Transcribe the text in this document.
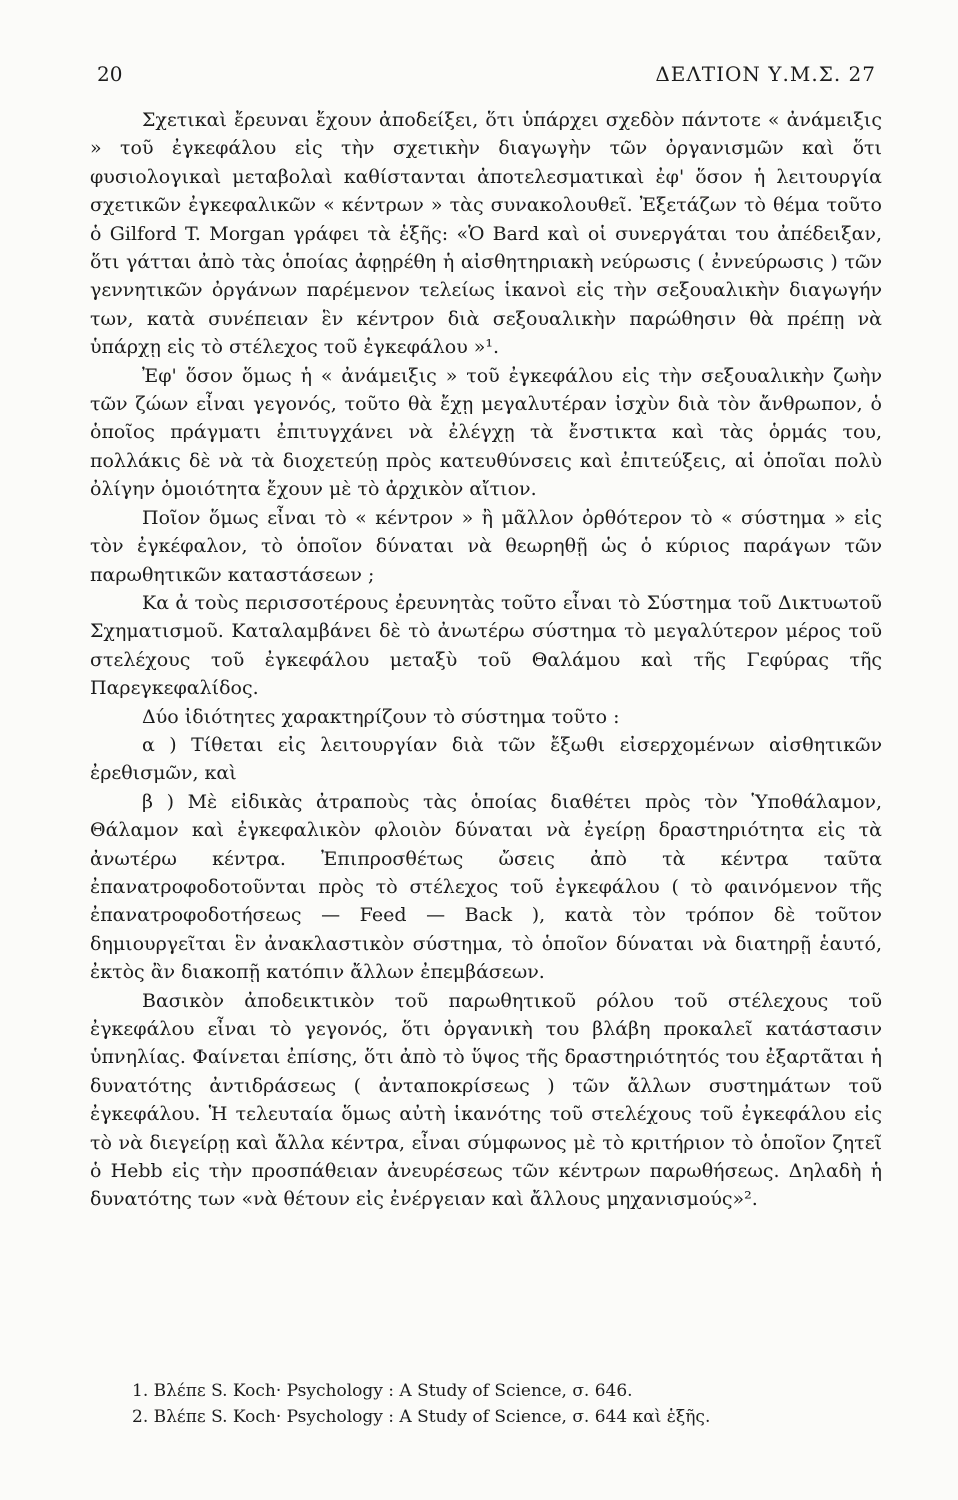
20	ΔΕΛΤΙΟΝ Υ.Μ.Σ. 27

Σχετικαὶ ἔρευναι ἔχουν ἀποδείξει, ὅτι ὑπάρχει σχεδὸν πάντοτε « ἀνάμειξις » τοῦ ἐγκεφάλου εἰς τὴν σχετικὴν διαγωγὴν τῶν ὀργανισμῶν καὶ ὅτι φυσιολογικαὶ μεταβολαὶ καθίστανται ἀποτελεσματικαὶ ἐφ' ὅσον ἡ λειτουργία σχετικῶν ἐγκεφαλικῶν « κέντρων » τὰς συνακολουθεῖ. Ἐξετάζων τὸ θέμα τοῦτο ὁ Gilford T. Morgan γράφει τὰ ἑξῆς: «Ὁ Bard καὶ οἱ συνεργάται του ἀπέδειξαν, ὅτι γάτται ἀπὸ τὰς ὁποίας ἀφῃρέθη ἡ αἰσθητηριακὴ νεύρωσις ( ἐννεύρωσις ) τῶν γεννητικῶν ὀργάνων παρέμενον τελείως ἱκανοὶ εἰς τὴν σεξουαλικὴν διαγωγήν των, κατὰ συνέπειαν ἓν κέντρον διὰ σεξουαλικὴν παρώθησιν θὰ πρέπῃ νὰ ὑπάρχῃ εἰς τὸ στέλεχος τοῦ ἐγκεφάλου »¹.

Ἐφ' ὅσον ὅμως ἡ « ἀνάμειξις » τοῦ ἐγκεφάλου εἰς τὴν σεξουαλικὴν ζωὴν τῶν ζώων εἶναι γεγονός, τοῦτο θὰ ἔχῃ μεγαλυτέραν ἰσχὺν διὰ τὸν ἄνθρωπον, ὁ ὁποῖος πράγματι ἐπιτυγχάνει νὰ ἐλέγχῃ τὰ ἔνστικτα καὶ τὰς ὁρμάς του, πολλάκις δὲ νὰ τὰ διοχετεύῃ πρὸς κατευθύνσεις καὶ ἐπιτεύξεις, αἱ ὁποῖαι πολὺ ὀλίγην ὁμοιότητα ἔχουν μὲ τὸ ἀρχικὸν αἴτιον.

Ποῖον ὅμως εἶναι τὸ « κέντρον » ἢ μᾶλλον ὀρθότερον τὸ « σύστημα » εἰς τὸν ἐγκέφαλον, τὸ ὁποῖον δύναται νὰ θεωρηθῇ ὡς ὁ κύριος παράγων τῶν παρωθητικῶν καταστάσεων ;

Κα ἀ τοὺς περισσοτέρους ἐρευνητὰς τοῦτο εἶναι τὸ Σύστημα τοῦ Δικτυωτοῦ Σχηματισμοῦ. Καταλαμβάνει δὲ τὸ ἀνωτέρω σύστημα τὸ μεγαλύτερον μέρος τοῦ στελέχους τοῦ ἐγκεφάλου μεταξὺ τοῦ Θαλάμου καὶ τῆς Γεφύρας τῆς Παρεγκεφαλίδος.

Δύο ἰδιότητες χαρακτηρίζουν τὸ σύστημα τοῦτο :

α ) Τίθεται εἰς λειτουργίαν διὰ τῶν ἔξωθι εἰσερχομένων αἰσθητικῶν ἐρεθισμῶν, καὶ

β ) Μὲ εἰδικὰς ἀτραποὺς τὰς ὁποίας διαθέτει πρὸς τὸν Ὑποθάλαμον, Θάλαμον καὶ ἐγκεφαλικὸν φλοιὸν δύναται νὰ ἐγείρῃ δραστηριότητα εἰς τὰ ἀνωτέρω κέντρα. Ἐπιπροσθέτως ὤσεις ἀπὸ τὰ κέντρα ταῦτα ἐπανατροφοδοτοῦνται πρὸς τὸ στέλεχος τοῦ ἐγκεφάλου ( τὸ φαινόμενον τῆς ἐπανατροφοδοτήσεως — Feed — Back ), κατὰ τὸν τρόπον δὲ τοῦτον δημιουργεῖται ἓν ἀνακλαστικὸν σύστημα, τὸ ὁποῖον δύναται νὰ διατηρῇ ἑαυτό, ἐκτὸς ἂν διακοπῇ κατόπιν ἄλλων ἐπεμβάσεων.

Βασικὸν ἀποδεικτικὸν τοῦ παρωθητικοῦ ρόλου τοῦ στέλεχους τοῦ ἐγκεφάλου εἶναι τὸ γεγονός, ὅτι ὀργανικὴ του βλάβη προκαλεῖ κατάστασιν ὑπνηλίας. Φαίνεται ἐπίσης, ὅτι ἀπὸ τὸ ὕψος τῆς δραστηριότητός του ἐξαρτᾶται ἡ δυνατότης ἀντιδράσεως ( ἀνταποκρίσεως ) τῶν ἄλλων συστημάτων τοῦ ἐγκεφάλου. Ἡ τελευταία ὅμως αὐτὴ ἱκανότης τοῦ στελέχους τοῦ ἐγκεφάλου εἰς τὸ νὰ διεγείρῃ καὶ ἄλλα κέντρα, εἶναι σύμφωνος μὲ τὸ κριτήριον τὸ ὁποῖον ζητεῖ ὁ Hebb εἰς τὴν προσπάθειαν ἀνευρέσεως τῶν κέντρων παρωθήσεως. Δηλαδὴ ἡ δυνατότης των «νὰ θέτουν εἰς ἐνέργειαν καὶ ἄλλους μηχανισμούς»².

1. Βλέπε S. Koch· Psychology : A Study of Science, σ. 646.

2. Βλέπε S. Koch· Psychology : A Study of Science, σ. 644 καὶ ἑξῆς.
